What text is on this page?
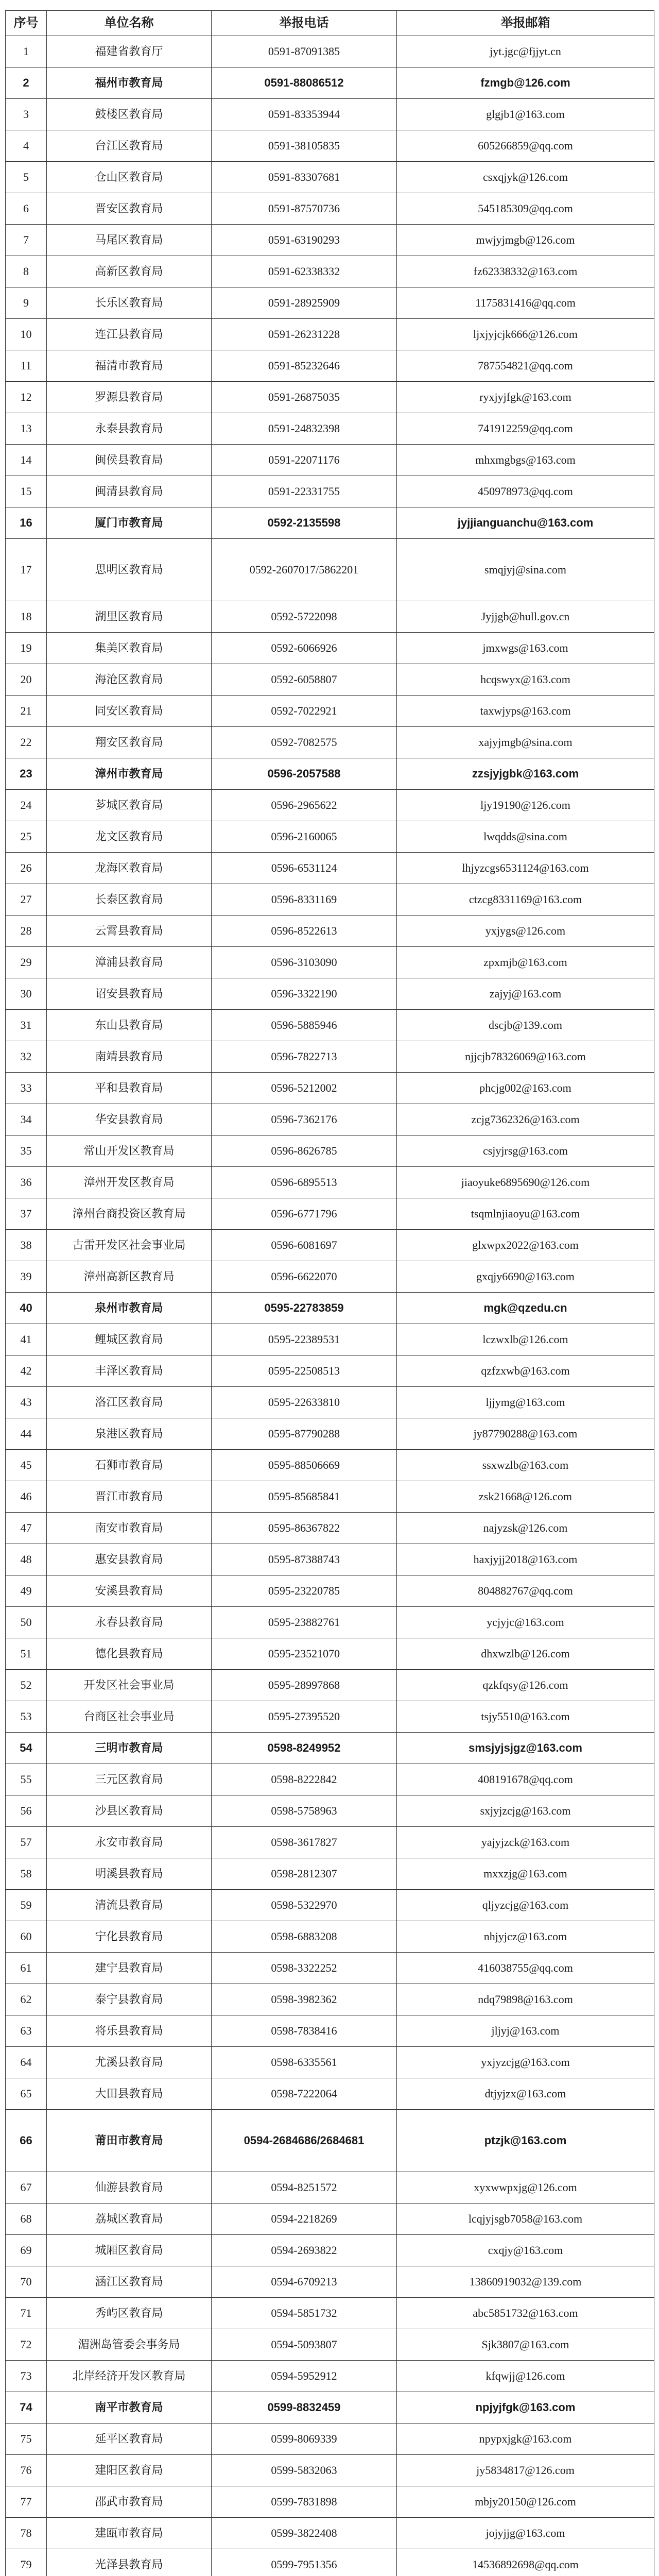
序号	单位名称	举报电话	举报邮箱
1	福建省教育厅	0591-87091385	jyt.jgc@fjjyt.cn
2	福州市教育局	0591-88086512	fzmgb@126.com
3	鼓楼区教育局	0591-83353944	glgjb1@163.com
4	台江区教育局	0591-38105835	605266859@qq.com
5	仓山区教育局	0591-83307681	csxqjyk@126.com
6	晋安区教育局	0591-87570736	545185309@qq.com
7	马尾区教育局	0591-63190293	mwjyjmgb@126.com
8	高新区教育局	0591-62338332	fz62338332@163.com
9	长乐区教育局	0591-28925909	1175831416@qq.com
10	连江县教育局	0591-26231228	ljxjyjcjk666@126.com
11	福清市教育局	0591-85232646	787554821@qq.com
12	罗源县教育局	0591-26875035	ryxjyjfgk@163.com
13	永泰县教育局	0591-24832398	741912259@qq.com
14	闽侯县教育局	0591-22071176	mhxmgbgs@163.com
15	闽清县教育局	0591-22331755	450978973@qq.com
16	厦门市教育局	0592-2135598	jyjjianguanchu@163.com
17	思明区教育局	0592-2607017/5862201	smqjyj@sina.com
18	湖里区教育局	0592-5722098	Jyjjgb@hull.gov.cn
19	集美区教育局	0592-6066926	jmxwgs@163.com
20	海沧区教育局	0592-6058807	hcqswyx@163.com
21	同安区教育局	0592-7022921	taxwjyps@163.com
22	翔安区教育局	0592-7082575	xajyjmgb@sina.com
23	漳州市教育局	0596-2057588	zzsjyjgbk@163.com
24	芗城区教育局	0596-2965622	ljy19190@126.com
25	龙文区教育局	0596-2160065	lwqdds@sina.com
26	龙海区教育局	0596-6531124	lhjyzcgs6531124@163.com
27	长泰区教育局	0596-8331169	ctzcg8331169@163.com
28	云霄县教育局	0596-8522613	yxjygs@126.com
29	漳浦县教育局	0596-3103090	zpxmjb@163.com
30	诏安县教育局	0596-3322190	zajyj@163.com
31	东山县教育局	0596-5885946	dscjb@139.com
32	南靖县教育局	0596-7822713	njjcjb78326069@163.com
33	平和县教育局	0596-5212002	phcjg002@163.com
34	华安县教育局	0596-7362176	zcjg7362326@163.com
35	常山开发区教育局	0596-8626785	csjyjrsg@163.com
36	漳州开发区教育局	0596-6895513	jiaoyuke6895690@126.com
37	漳州台商投资区教育局	0596-6771796	tsqmlnjiaoyu@163.com
38	古雷开发区社会事业局	0596-6081697	glxwpx2022@163.com
39	漳州高新区教育局	0596-6622070	gxqjy6690@163.com
40	泉州市教育局	0595-22783859	mgk@qzedu.cn
41	鲤城区教育局	0595-22389531	lczwxlb@126.com
42	丰泽区教育局	0595-22508513	qzfzxwb@163.com
43	洛江区教育局	0595-22633810	ljjymg@163.com
44	泉港区教育局	0595-87790288	jy87790288@163.com
45	石狮市教育局	0595-88506669	ssxwzlb@163.com
46	晋江市教育局	0595-85685841	zsk21668@126.com
47	南安市教育局	0595-86367822	najyzsk@126.com
48	惠安县教育局	0595-87388743	haxjyjj2018@163.com
49	安溪县教育局	0595-23220785	804882767@qq.com
50	永春县教育局	0595-23882761	ycjyjc@163.com
51	德化县教育局	0595-23521070	dhxwzlb@126.com
52	开发区社会事业局	0595-28997868	qzkfqsy@126.com
53	台商区社会事业局	0595-27395520	tsjy5510@163.com
54	三明市教育局	0598-8249952	smsjyjsjgz@163.com
55	三元区教育局	0598-8222842	408191678@qq.com
56	沙县区教育局	0598-5758963	sxjyjzcjg@163.com
57	永安市教育局	0598-3617827	yajyjzck@163.com
58	明溪县教育局	0598-2812307	mxxzjg@163.com
59	清流县教育局	0598-5322970	qljyzcjg@163.com
60	宁化县教育局	0598-6883208	nhjyjcz@163.com
61	建宁县教育局	0598-3322252	416038755@qq.com
62	泰宁县教育局	0598-3982362	ndq79898@163.com
63	将乐县教育局	0598-7838416	jljyj@163.com
64	尤溪县教育局	0598-6335561	yxjyzcjg@163.com
65	大田县教育局	0598-7222064	dtjyjzx@163.com
66	莆田市教育局	0594-2684686/2684681	ptzjk@163.com
67	仙游县教育局	0594-8251572	xyxwwpxjg@126.com
68	荔城区教育局	0594-2218269	lcqjyjsgb7058@163.com
69	城厢区教育局	0594-2693822	cxqjy@163.com
70	涵江区教育局	0594-6709213	13860919032@139.com
71	秀屿区教育局	0594-5851732	abc5851732@163.com
72	湄洲岛管委会事务局	0594-5093807	Sjk3807@163.com
73	北岸经济开发区教育局	0594-5952912	kfqwjj@126.com
74	南平市教育局	0599-8832459	npjyjfgk@163.com
75	延平区教育局	0599-8069339	npypxjgk@163.com
76	建阳区教育局	0599-5832063	jy5834817@126.com
77	邵武市教育局	0599-7831898	mbjy20150@126.com
78	建瓯市教育局	0599-3822408	jojyjjg@163.com
79	光泽县教育局	0599-7951356	14536892698@qq.com
